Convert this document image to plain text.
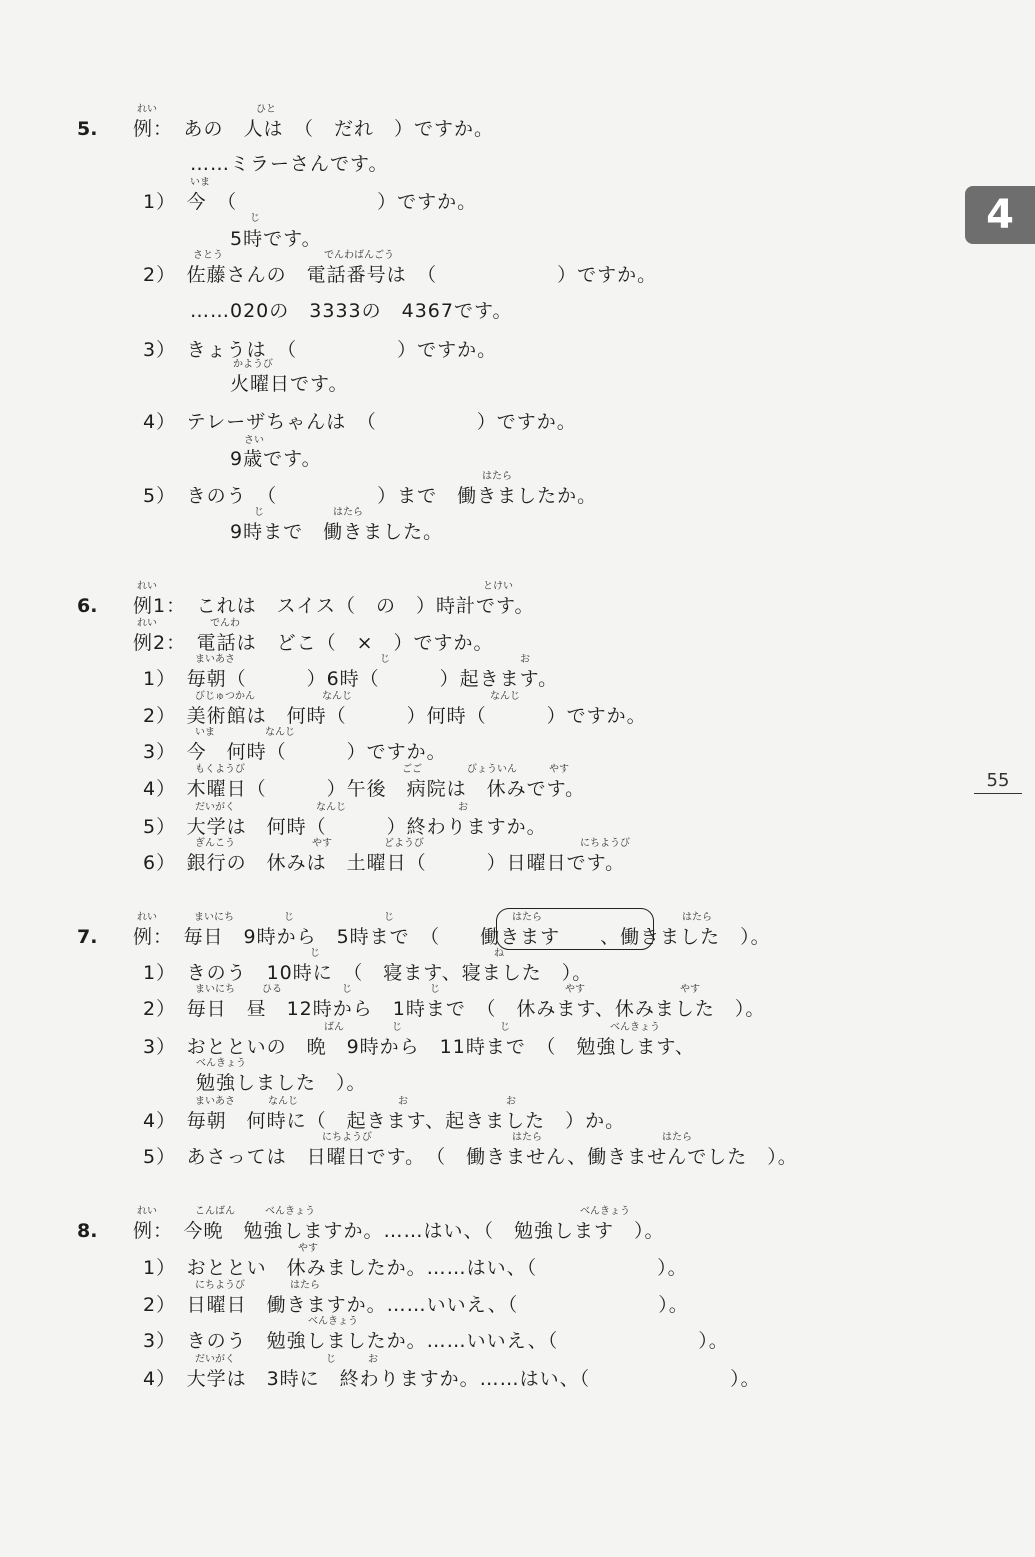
4
55
5. 例：　あの　人は　（　だれ　）ですか。
……ミラーさんです。
1）　今　（　　　　　　　）ですか。
5時です。
2）　佐藤さんの　電話番号は　（　　　　　　）ですか。
……020の　3333の　4367です。
3）　きょうは　（　　　　　）ですか。
火曜日です。
4）　テレーザちゃんは　（　　　　　）ですか。
9歳です。
5）　きのう　（　　　　　）まで　働きましたか。
9時まで　働きました。
6. 例1：　これは　スイス（　の　）時計です。
例2：　電話は　どこ（　×　）ですか。
1）　毎朝（　　　）6時（　　　）起きます。
2）　美術館は　何時（　　　）何時（　　　）ですか。
3）　今　何時（　　　）ですか。
4）　木曜日（　　　）午後　病院は　休みです。
5）　大学は　何時（　　　）終わりますか。
6）　銀行の　休みは　土曜日（　　　）日曜日です。
7. 例：　毎日　9時から　5時まで　（　　働きます　　、働きました　）。
1）　きのう　10時に　（　寝ます、寝ました　）。
2）　毎日　昼　12時から　1時まで　（　休みます、休みました　）。
3）　おとといの　晩　9時から　11時まで　（　勉強します、
勉強しました　）。
4）　毎朝　何時に（　起きます、起きました　）か。
5）　あさっては　日曜日です。　（　働きません、働きませんでした　）。
8. 例：　今晩　勉強しますか。……はい、（　勉強します　）。
1）　おととい　休みましたか。……はい、（　　　　　　）。
2）　日曜日　働きますか。……いいえ、（　　　　　　　）。
3）　きのう　勉強しましたか。……いいえ、（　　　　　　　）。
4）　大学は　3時に　終わりますか。……はい、（　　　　　　　）。
れい	ひと
いま
じ
さとう	でんわばんごう
かようび
さい
はたら
じ	はたら
れい	とけい
れい	でんわ
まいあさ	じ	お
びじゅつかん	なんじ	なんじ
いま	なんじ
もくようび	ごご	びょういん	やす
だいがく	なんじ	お
ぎんこう	やす	どようび	にちようび
れい	まいにち	じ	じ	はたら	はたら
じ	ね
まいにち	ひる	じ	じ	やす	やす
ばん	じ	じ	べんきょう
べんきょう
まいあさ	なんじ	お	お
にちようび	はたら	はたら
れい	こんばん	べんきょう	べんきょう
やす
にちようび	はたら
べんきょう
だいがく	じ	お
